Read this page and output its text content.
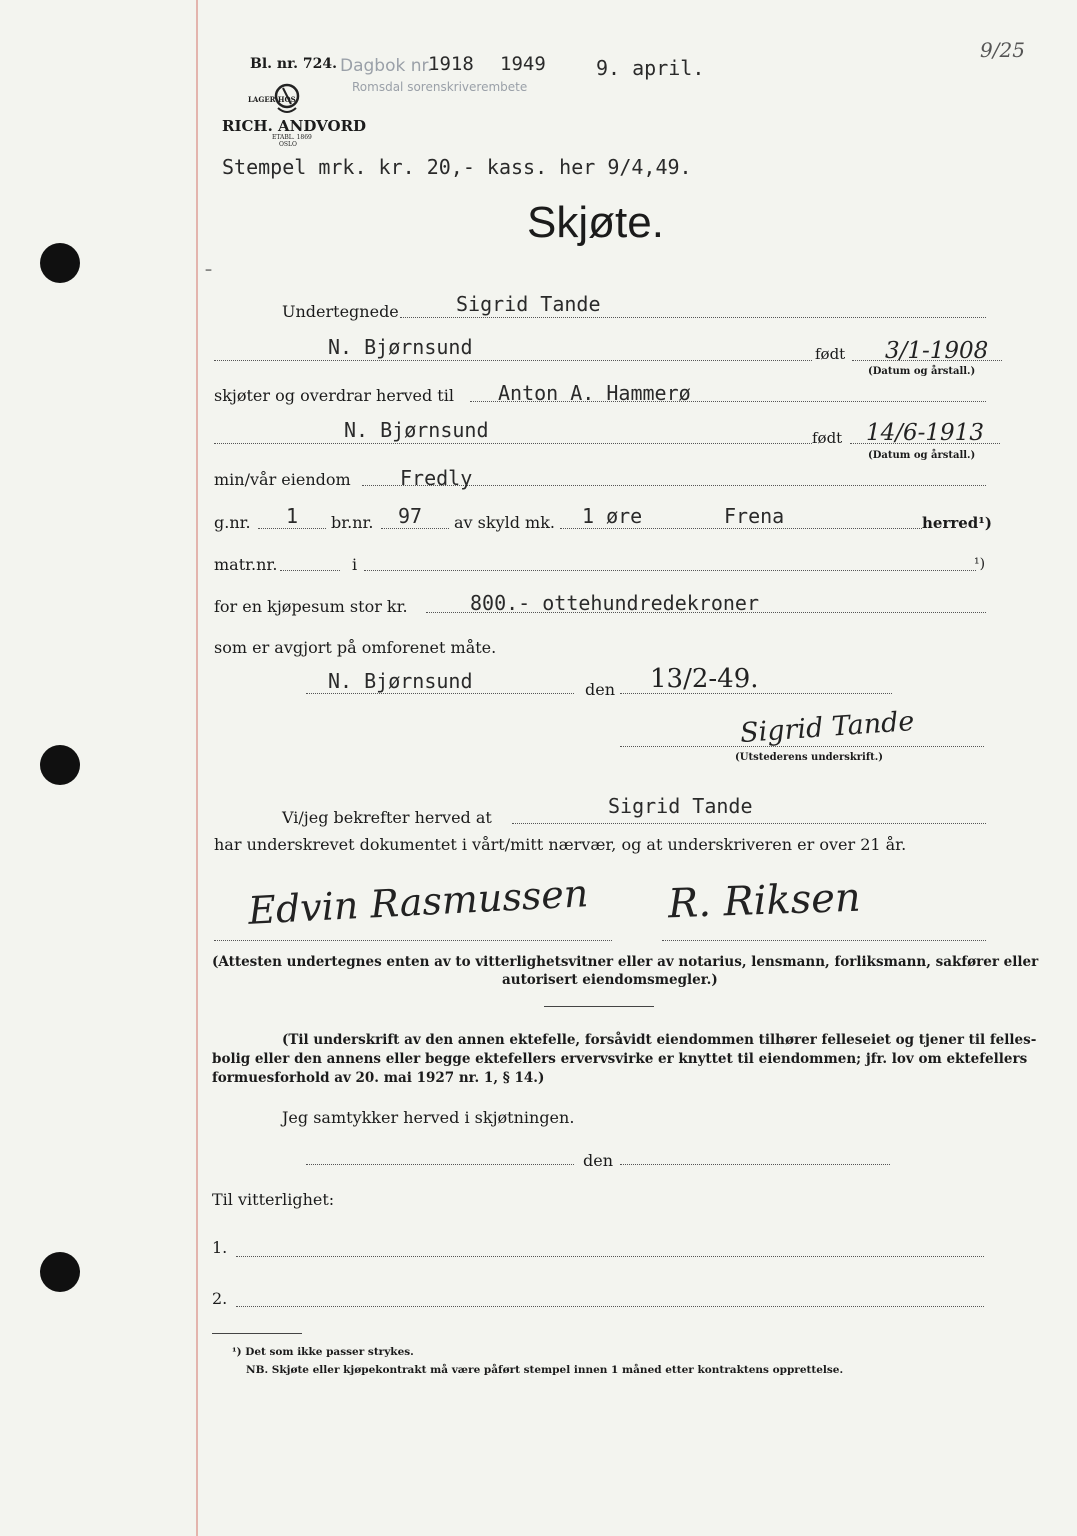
Bl. nr. 724. Dagbok nr.
1918 1949	9. april.
Romsdal sorenskriverembete
9/25
LAGER HOS
RICH. ANDVORD
ETABL. 1869
OSLO
Stempel mrk. kr. 20,- kass. her 9/4,49.
Skjøte.
–
Undertegnede	Sigrid Tande
N. Bjørnsund	født 3/1-1908
(Datum og årstall.)
skjøter og overdrar herved til Anton A. Hammerø
N. Bjørnsund	født 14/6-1913
(Datum og årstall.)
min/vår eiendom Fredly
g.nr. 1 br.nr. 97 av skyld mk. 1 øre	Frena	herred¹)
matr.nr.	i	¹)
for en kjøpesum stor kr.	800.- ottehundredekroner
som er avgjort på omforenet måte.
N. Bjørnsund	den 13/2-49.
Sigrid Tande
(Utstederens underskrift.)
Vi/jeg bekrefter herved at	Sigrid Tande
har underskrevet dokumentet i vårt/mitt nærvær, og at underskriveren er over 21 år.
Edvin Rasmussen R. Riksen
(Attesten undertegnes enten av to vitterlighetsvitner eller av notarius, lensmann, forliksmann, sakfører eller
autorisert eiendomsmegler.)
(Til underskrift av den annen ektefelle, forsåvidt eiendommen tilhører felleseiet og tjener til felles-
bolig eller den annens eller begge ektefellers ervervsvirke er knyttet til eiendommen; jfr. lov om ektefellers
formuesforhold av 20. mai 1927 nr. 1, § 14.)
Jeg samtykker herved i skjøtningen.
den
Til vitterlighet:
1.
2.
¹) Det som ikke passer strykes.
NB. Skjøte eller kjøpekontrakt må være påført stempel innen 1 måned etter kontraktens opprettelse.
